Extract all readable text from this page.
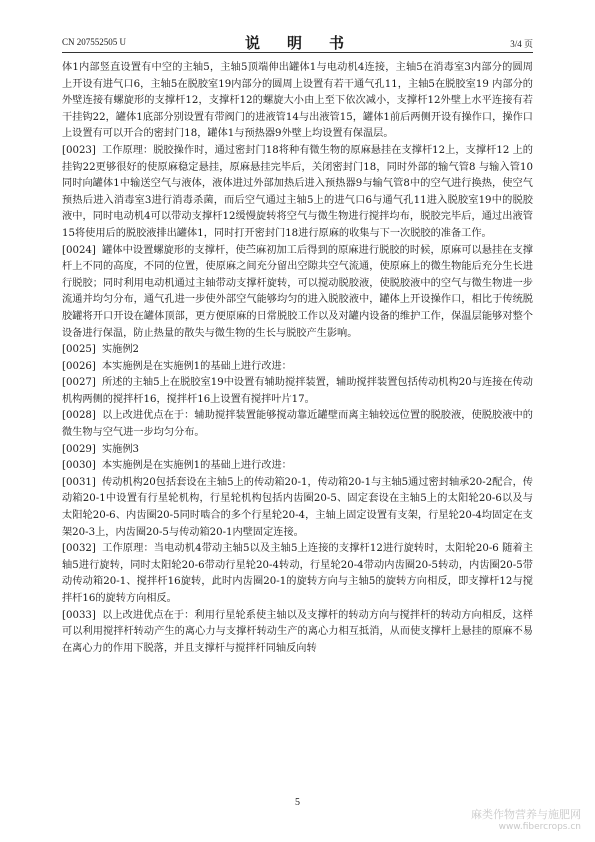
CN 207552505 U	说　明　书	3/4 页

体1内部竖直设置有中空的主轴5，主轴5顶端伸出罐体1与电动机4连接，主轴5在消毒室3内部分的圆周上开设有进气口6，主轴5在脱胶室19内部分的圆周上设置有若干通气孔11，主轴5在脱胶室19 内部分的外壁连接有螺旋形的支撑杆12，支撑杆12的螺旋大小由上至下依次减小，支撑杆12外壁上水平连接有若干挂钩22，罐体1底部分别设置有带阀门的进液管14与出液管15，罐体1前后两侧开设有操作口，操作口上设置有可以开合的密封门18，罐体1与预热器9外壁上均设置有保温层。

[0023] 工作原理：脱胶操作时，通过密封门18将种有微生物的原麻悬挂在支撑杆12上，支撑杆12 上的挂钩22更够很好的使原麻稳定悬挂，原麻悬挂完毕后，关闭密封门18，同时外部的输气管8 与输入管10同时向罐体1中输送空气与液体，液体进过外部加热后进入预热器9与输气管8中的空气进行换热，使空气预热后进入消毒室3进行消毒杀菌，而后空气通过主轴5上的进气口6与通气孔11进入脱胶室19中的脱胶液中，同时电动机4可以带动支撑杆12缓慢旋转将空气与微生物进行搅拌均布，脱胶完毕后，通过出液管15将使用后的脱胶液排出罐体1，同时打开密封门18进行原麻的收集与下一次脱胶的准备工作。

[0024] 罐体中设置螺旋形的支撑杆，使苎麻初加工后得到的原麻进行脱胶的时候，原麻可以悬挂在支撑杆上不同的高度，不同的位置，使原麻之间充分留出空隙共空气流通，使原麻上的微生物能后充分生长进行脱胶；同时利用电动机通过主轴带动支撑杆旋转，可以搅动脱胶液，使脱胶液中的空气与微生物进一步流通并均匀分布，通气孔进一步使外部空气能够均匀的进入脱胶液中，罐体上开设操作口，相比于传统脱胶罐将开口开设在罐体顶部，更方便原麻的日常脱胶工作以及对罐内设备的维护工作，保温层能够对整个设备进行保温，防止热量的散失与微生物的生长与脱胶产生影响。

[0025] 实施例2

[0026] 本实施例是在实施例1的基础上进行改进：

[0027] 所述的主轴5上在脱胶室19中设置有辅助搅拌装置，辅助搅拌装置包括传动机构20与连接在传动机构两侧的搅拌杆16，搅拌杆16上设置有搅拌叶片17。

[0028] 以上改进优点在于：辅助搅拌装置能够搅动靠近罐壁而离主轴较远位置的脱胶液，使脱胶液中的微生物与空气进一步均匀分布。

[0029] 实施例3

[0030] 本实施例是在实施例1的基础上进行改进：

[0031] 传动机构20包括套设在主轴5上的传动箱20-1，传动箱20-1与主轴5通过密封轴承20-2配合，传动箱20-1中设置有行星轮机构，行星轮机构包括内齿圈20-5、固定套设在主轴5上的太阳轮20-6以及与太阳轮20-6、内齿圈20-5同时啮合的多个行星轮20-4，主轴上固定设置有支架，行星轮20-4均固定在支架20-3上，内齿圈20-5与传动箱20-1内壁固定连接。

[0032] 工作原理：当电动机4带动主轴5以及主轴5上连接的支撑杆12进行旋转时，太阳轮20-6 随着主轴5进行旋转，同时太阳轮20-6带动行星轮20-4转动，行星轮20-4带动内齿圈20-5转动，内齿圈20-5带动传动箱20-1、搅拌杆16旋转，此时内齿圈20-1的旋转方向与主轴5的旋转方向相反，即支撑杆12与搅拌杆16的旋转方向相反。

[0033] 以上改进优点在于：利用行星轮系使主轴以及支撑杆的转动方向与搅拌杆的转动方向相反，这样可以利用搅拌杆转动产生的离心力与支撑杆转动生产的离心力相互抵消，从而使支撑杆上悬挂的原麻不易在离心力的作用下脱落，并且支撑杆与搅拌杆同轴反向转

5
麻类作物营养与施肥网
www.fibercrops.cn
